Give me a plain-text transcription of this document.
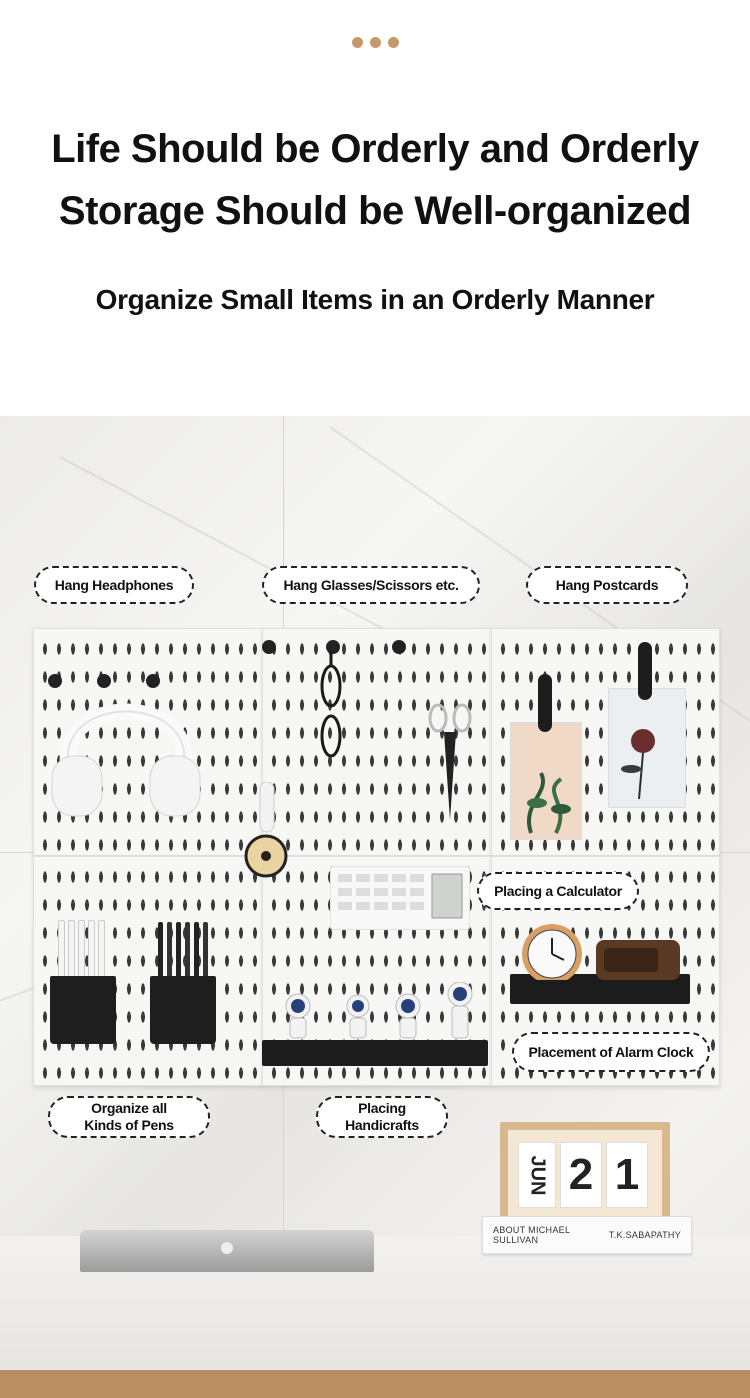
Life Should be Orderly and Orderly
Storage Should be Well-organized
Organize Small Items in an Orderly Manner
Hang Headphones	Hang Glasses/Scissors etc.	Hang Postcards
Placing a Calculator
Placement of Alarm Clock
Organize all
Kinds of Pens
Placing
Handicrafts
JUN 2 1
ABOUT MICHAEL SULLIVAN	T.K.SABAPATHY
